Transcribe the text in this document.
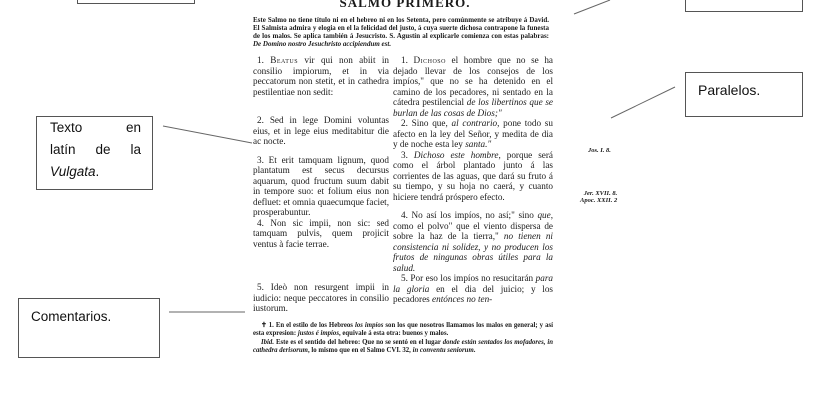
Paralelos.
Texto	en
latín de la
Vulgata.
Comentarios.
SALMO PRIMERO.
Este Salmo no tiene título ni en el hebreo ni en los Setenta, pero comúnmente se atribuye á David. El Salmista admira y elogia en el la felicidad del justo, á cuya suerte dichosa contrapone la funesta de los malos. Se aplica también á Jesucristo. S. Agustín al explicarle comienza con estas palabras: De Domino nostro Jesuchristo accipiendum est.

1. Beatus vir qui non abiit in consilio impiorum, et in via peccatorum non stetit, et in cathedra pestilentiae non sedit:

2. Sed in lege Domini voluntas eius, et in lege eius meditabitur die ac nocte.

3. Et erit tamquam lignum, quod plantatum est secus decursus aquarum, quod fructum suum dabit in tempore suo: et folium eius non defluet: et omnia quaecumque faciet, prosperabuntur.

4. Non sic impii, non sic: sed tamquam pulvis, quem projicit ventus à facie terrae.

5. Ideò non resurgent impii in iudicio: neque peccatores in consilio iustorum.

1. Dichoso el hombre que no se ha dejado llevar de los consejos de los impíos," que no se ha detenido en el camino de los pecadores, ni sentado en la cátedra pestilencial de los libertinos que se burlan de las cosas de Dios;"

2. Sino que, al contrario, pone todo su afecto en la ley del Señor, y medita de dia y de noche esta ley santa."

3. Dichoso este hombre, porque será como el árbol plantado junto á las corrientes de las aguas, que dará su fruto á su tiempo, y su hoja no caerá, y cuanto hiciere tendrá próspero efecto.

4. No así los impíos, no así;" sino que, como el polvo" que el viento dispersa de sobre la haz de la tierra," no tienen ni consistencia ni solidez, y no producen los frutos de ningunas obras útiles para la salud.

5. Por eso los impíos no resucitarán para la gloria en el dia del juicio; y los pecadores entónces no ten-

✝ 1. En el estilo de los Hebreos los impíos son los que nosotros llamamos los malos en general; y así esta expresion: justos é impíos, equivale á esta otra: buenos y malos.

Ibid. Este es el sentido del hebreo: Que no se sentó en el lugar donde están sentados los mofadores, in cathedra derisorum, lo mismo que en el Salmo CVI. 32, in conventu seniorum.

Jos. I. 8.
Jer. XVII. 8.
Apoc. XXII. 2
